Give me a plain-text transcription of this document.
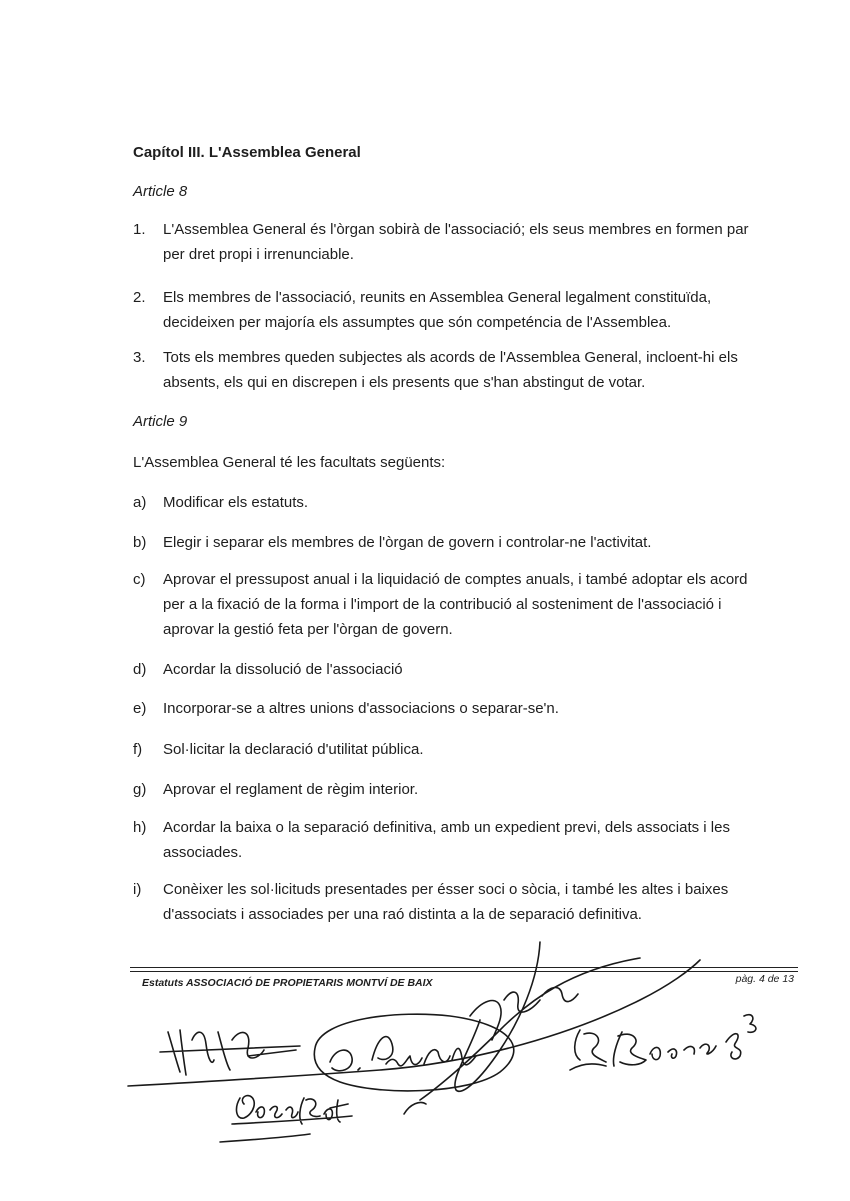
Capítol III. L'Assemblea General
Article 8
1. L'Assemblea General és l'òrgan sobirà de l'associació; els seus membres en formen par per dret propi i irrenunciable.
2. Els membres de l'associació, reunits en Assemblea General legalment constituïda, decideixen per majoría els assumptes que són competéncia de l'Assemblea.
3. Tots els membres queden subjectes als acords de l'Assemblea General, incloent-hi els absents, els qui en discrepen i els presents que s'han abstingut de votar.
Article 9
L'Assemblea General té les facultats següents:
a) Modificar els estatuts.
b) Elegir i separar els membres de l'òrgan de govern i controlar-ne l'activitat.
c) Aprovar el pressupost anual i la liquidació de comptes anuals, i també adoptar els acord per a la fixació de la forma i l'import de la contribució al sosteniment de l'associació i aprovar la gestió feta per l'òrgan de govern.
d) Acordar la dissolució de l'associació
e) Incorporar-se a altres unions d'associacions o separar-se'n.
f) Sol·licitar la declaració d'utilitat pública.
g) Aprovar el reglament de règim interior.
h) Acordar la baixa o la separació definitiva, amb un expedient previ, dels associats i les associades.
i) Conèixer les sol·licituds presentades per ésser soci o sòcia, i també les altes i baixes d'associats i associades per una raó distinta a la de separació definitiva.
Estatuts ASSOCIACIÓ DE PROPIETARIS MONTVÍ DE BAIX	pàg. 4 de 13
